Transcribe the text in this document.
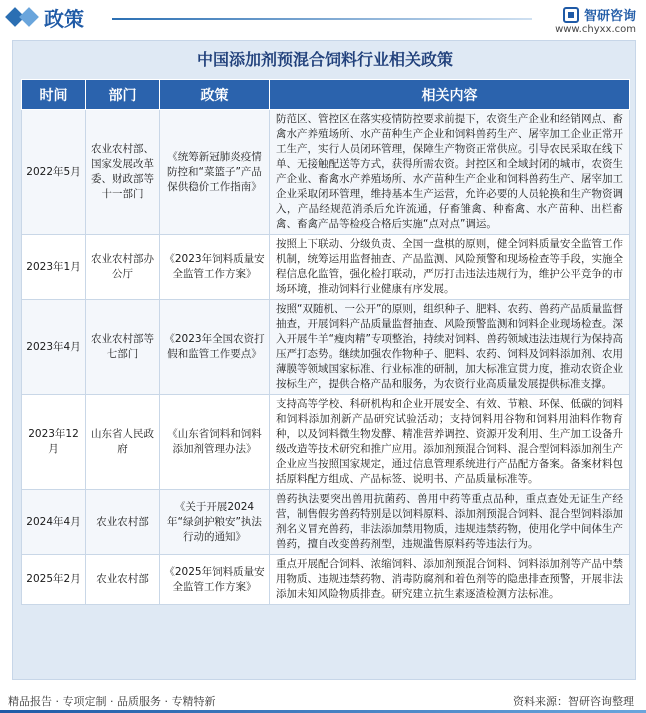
政策	智研咨询
www.chyxx.com
中国添加剂预混合饲料行业相关政策
时间	部门	政策	相关内容
2022年5月	农业农村部、国家发展改革委、财政部等十一部门	《统筹新冠肺炎疫情防控和“菜篮子”产品保供稳价工作指南》	防范区、管控区在落实疫情防控要求前提下，农资生产企业和经销网点、畜禽水产养殖场所、水产苗种生产企业和饲料兽药生产、屠宰加工企业正常开工生产，实行人员闭环管理，保障生产物资正常供应。引导农民采取在线下单、无接触配送等方式，获得所需农资。封控区和全域封闭的城市，农资生产企业、畜禽水产养殖场所、水产苗种生产企业和饲料兽药生产、屠宰加工企业采取闭环管理，维持基本生产运营，允许必要的人员轮换和生产物资调入，产品经规范消杀后允许流通，仔畜雏禽、种畜禽、水产苗种、出栏畜禽、畜禽产品等检疫合格后实施“点对点”调运。
2023年1月	农业农村部办公厅	《2023年饲料质量安全监管工作方案》	按照上下联动、分级负责、全国一盘棋的原则，健全饲料质量安全监管工作机制，统筹运用监督抽查、产品监测、风险预警和现场检查等手段，实施全程信息化监管，强化检打联动，严厉打击违法违规行为，维护公平竞争的市场环境，推动饲料行业健康有序发展。
2023年4月	农业农村部等七部门	《2023年全国农资打假和监管工作要点》	按照“双随机、一公开”的原则，组织种子、肥料、农药、兽药产品质量监督抽查，开展饲料产品质量监督抽查、风险预警监测和饲料企业现场检查。深入开展牛羊“瘦肉精”专项整治，持续对饲料、兽药领域违法违规行为保持高压严打态势。继续加强农作物种子、肥料、农药、饲料及饲料添加剂、农用薄膜等领域国家标准、行业标准的研制，加大标准宣贯力度，推动农资企业按标生产，提供合格产品和服务，为农资行业高质量发展提供标准支撑。
2023年12月	山东省人民政府	《山东省饲料和饲料添加剂管理办法》	支持高等学校、科研机构和企业开展安全、有效、节粮、环保、低碳的饲料和饲料添加剂新产品研究试验活动；支持饲料用谷物和饲料用油料作物育种，以及饲料微生物发酵、精准营养调控、资源开发利用、生产加工设备升级改造等技术研究和推广应用。添加剂预混合饲料、混合型饲料添加剂生产企业应当按照国家规定，通过信息管理系统进行产品配方备案。备案材料包括原料配方组成、产品标签、说明书、产品质量标准等。
2024年4月	农业农村部	《关于开展2024年“绿剑护粮安”执法行动的通知》	兽药执法要突出兽用抗菌药、兽用中药等重点品种，重点查处无证生产经营，制售假劣兽药特别是以饲料原料、添加剂预混合饲料、混合型饲料添加剂名义冒充兽药，非法添加禁用物质，违规违禁药物，使用化学中间体生产兽药，擅自改变兽药剂型，违规滥售原料药等违法行为。
2025年2月	农业农村部	《2025年饲料质量安全监管工作方案》	重点开展配合饲料、浓缩饲料、添加剂预混合饲料、饲料添加剂等产品中禁用物质、违规违禁药物、消毒防腐剂和着色剂等的隐患排查预警，开展非法添加未知风险物质排查。研究建立抗生素逐渣检测方法标准。
精品报告 · 专项定制 · 品质服务 · 专精特新	资料来源：智研咨询整理
